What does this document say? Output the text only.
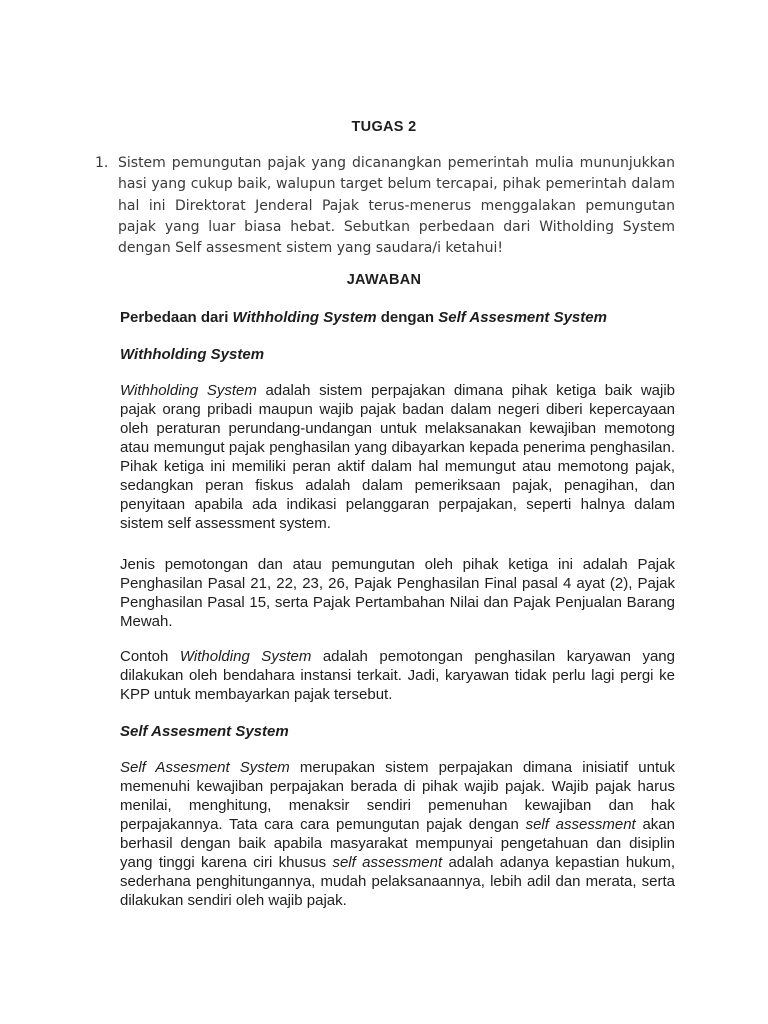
TUGAS 2
1. Sistem pemungutan pajak yang dicanangkan pemerintah mulia mununjukkan hasi yang cukup baik, walupun target belum tercapai, pihak pemerintah dalam hal ini Direktorat Jenderal Pajak terus-menerus menggalakan pemungutan pajak yang luar biasa hebat. Sebutkan perbedaan dari Witholding System dengan Self assesment sistem yang saudara/i ketahui!
JAWABAN
Perbedaan dari Withholding System dengan Self Assesment System
Withholding System
Withholding System adalah sistem perpajakan dimana pihak ketiga baik wajib pajak orang pribadi maupun wajib pajak badan dalam negeri diberi kepercayaan oleh peraturan perundang-undangan untuk melaksanakan kewajiban memotong atau memungut pajak penghasilan yang dibayarkan kepada penerima penghasilan. Pihak ketiga ini memiliki peran aktif dalam hal memungut atau memotong pajak, sedangkan peran fiskus adalah dalam pemeriksaan pajak, penagihan, dan penyitaan apabila ada indikasi pelanggaran perpajakan, seperti halnya dalam sistem self assessment system.
Jenis pemotongan dan atau pemungutan oleh pihak ketiga ini adalah Pajak Penghasilan Pasal 21, 22, 23, 26, Pajak Penghasilan Final pasal 4 ayat (2), Pajak Penghasilan Pasal 15, serta Pajak Pertambahan Nilai dan Pajak Penjualan Barang Mewah.
Contoh Witholding System adalah pemotongan penghasilan karyawan yang dilakukan oleh bendahara instansi terkait. Jadi, karyawan tidak perlu lagi pergi ke KPP untuk membayarkan pajak tersebut.
Self Assesment System
Self Assesment System merupakan sistem perpajakan dimana inisiatif untuk memenuhi kewajiban perpajakan berada di pihak wajib pajak. Wajib pajak harus menilai, menghitung, menaksir sendiri pemenuhan kewajiban dan hak perpajakannya. Tata cara cara pemungutan pajak dengan self assessment akan berhasil dengan baik apabila masyarakat mempunyai pengetahuan dan disiplin yang tinggi karena ciri khusus self assessment adalah adanya kepastian hukum, sederhana penghitungannya, mudah pelaksanaannya, lebih adil dan merata, serta dilakukan sendiri oleh wajib pajak.
